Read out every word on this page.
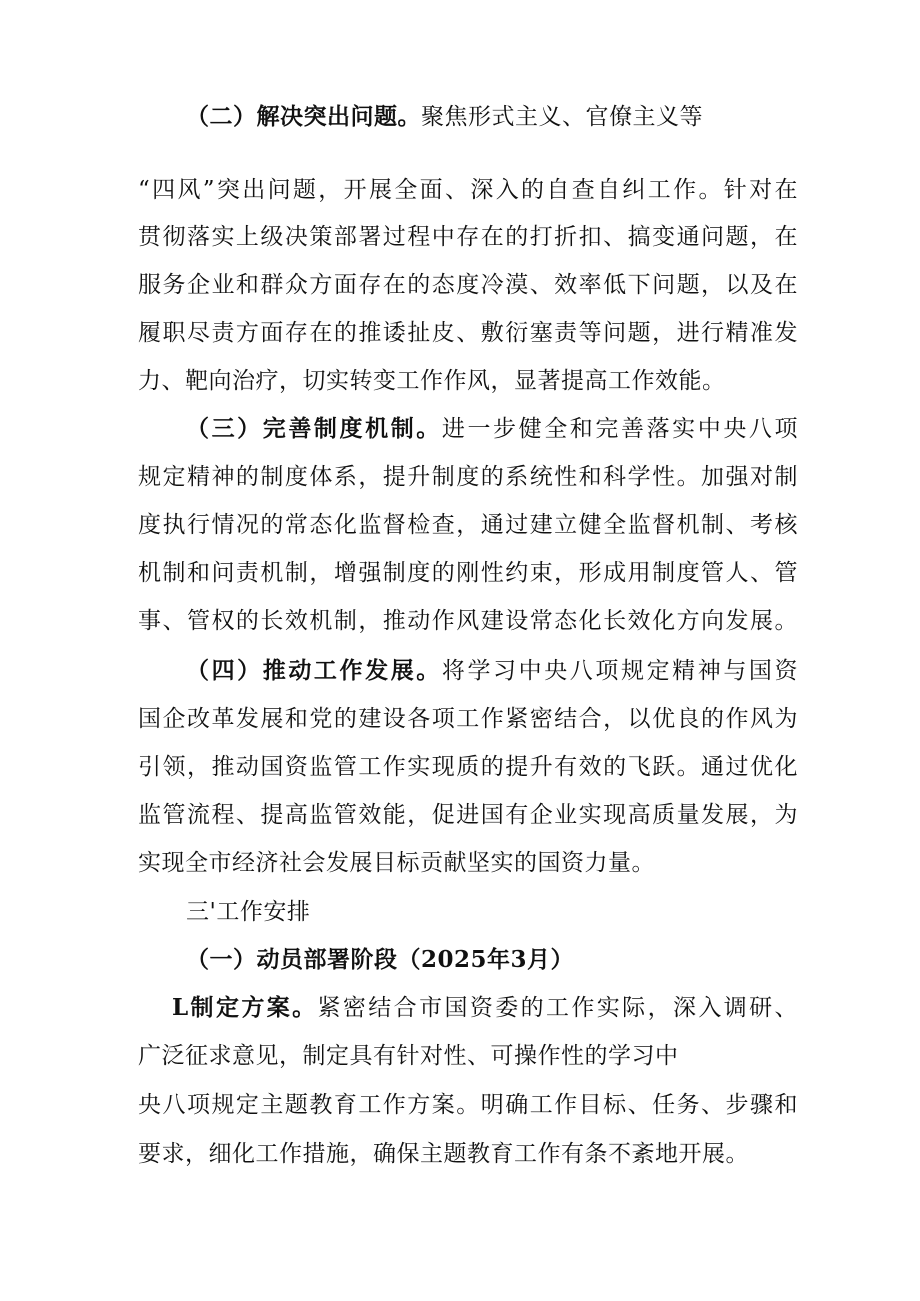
（二）解决突出问题。聚焦形式主义、官僚主义等
“四风”突出问题，开展全面、深入的自查自纠工作。针对在
贯彻落实上级决策部署过程中存在的打折扣、搞变通问题，在
服务企业和群众方面存在的态度冷漠、效率低下问题，以及在
履职尽责方面存在的推诿扯皮、敷衍塞责等问题，进行精准发
力、靶向治疗，切实转变工作作风，显著提高工作效能。
（三）完善制度机制。进一步健全和完善落实中央八项
规定精神的制度体系，提升制度的系统性和科学性。加强对制
度执行情况的常态化监督检查，通过建立健全监督机制、考核
机制和问责机制，增强制度的刚性约束，形成用制度管人、管
事、管权的长效机制，推动作风建设常态化长效化方向发展。
（四）推动工作发展。将学习中央八项规定精神与国资
国企改革发展和党的建设各项工作紧密结合，以优良的作风为
引领，推动国资监管工作实现质的提升有效的飞跃。通过优化
监管流程、提高监管效能，促进国有企业实现高质量发展，为
实现全市经济社会发展目标贡献坚实的国资力量。
三'工作安排
（一）动员部署阶段（2025年3月）
L制定方案。紧密结合市国资委的工作实际，深入调研、
广泛征求意见，制定具有针对性、可操作性的学习中
央八项规定主题教育工作方案。明确工作目标、任务、步骤和
要求，细化工作措施，确保主题教育工作有条不紊地开展。
